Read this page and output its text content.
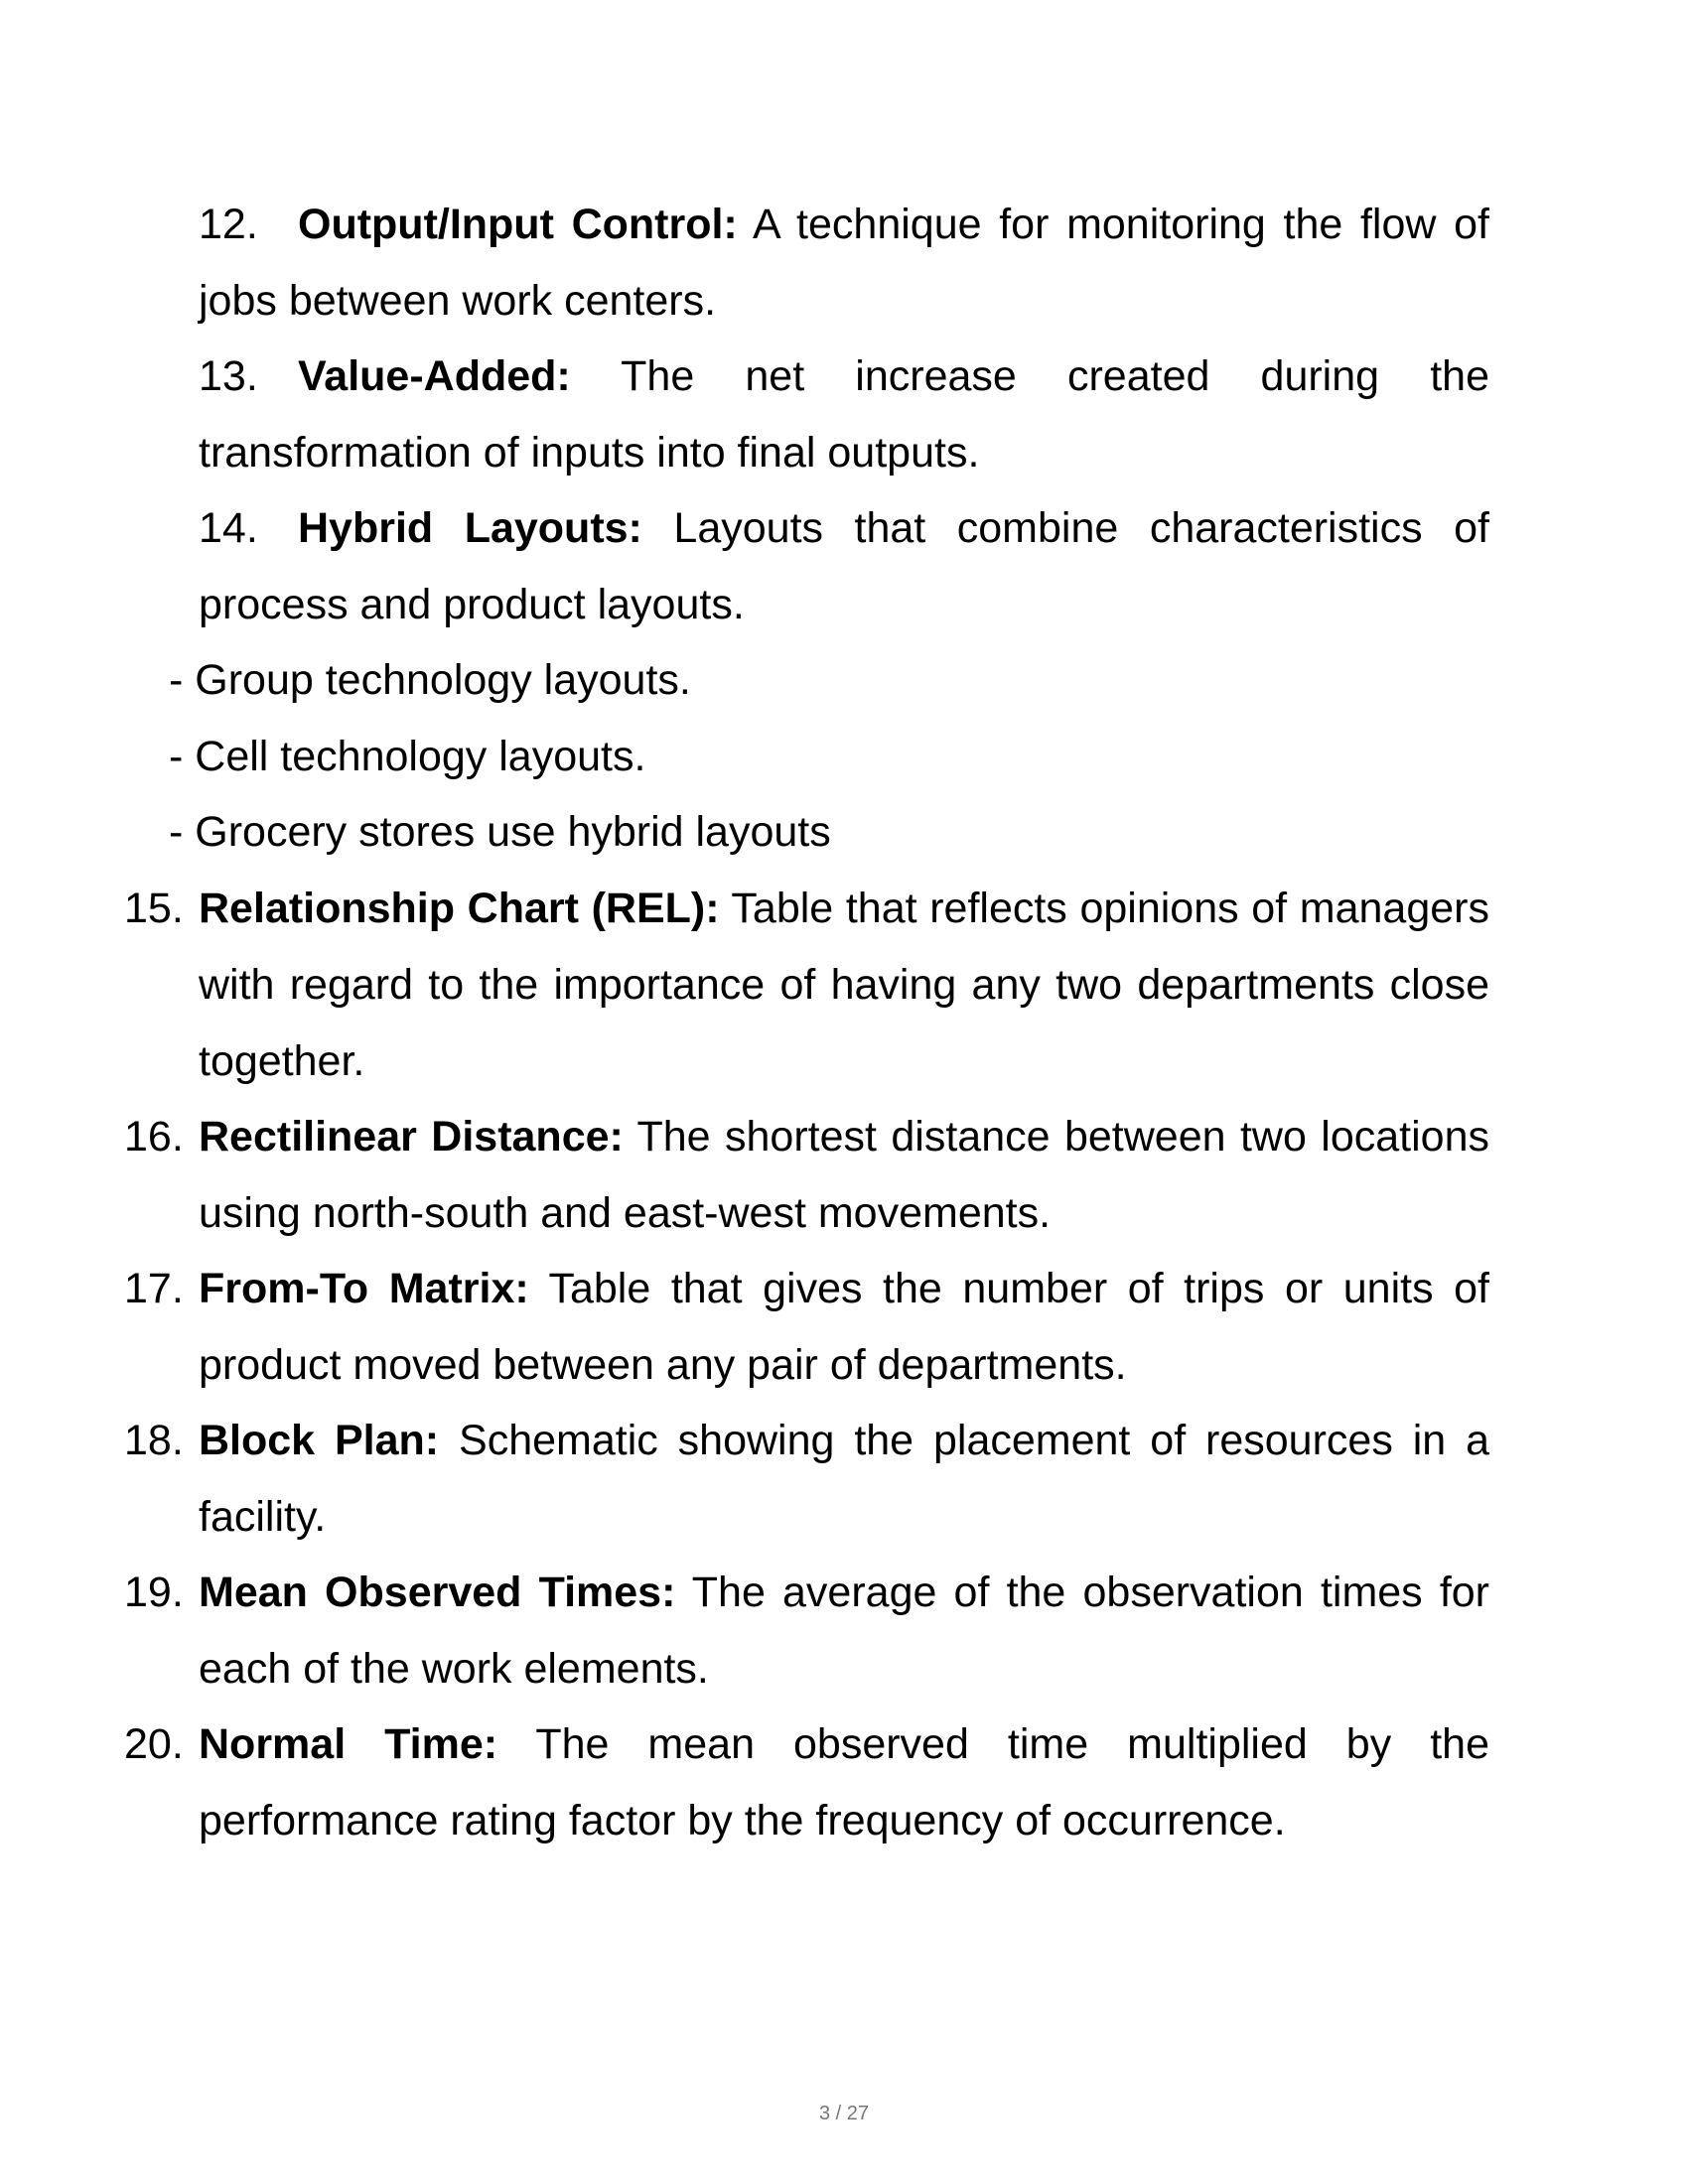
12. Output/Input Control: A technique for monitoring the flow of jobs between work centers.
13. Value-Added: The net increase created during the transformation of inputs into final outputs.
14. Hybrid Layouts: Layouts that combine characteristics of process and product layouts.
- Group technology layouts.
- Cell technology layouts.
- Grocery stores use hybrid layouts
15. Relationship Chart (REL): Table that reflects opinions of managers with regard to the importance of having any two departments close together.
16. Rectilinear Distance: The shortest distance between two locations using north-south and east-west movements.
17. From-To Matrix: Table that gives the number of trips or units of product moved between any pair of departments.
18. Block Plan: Schematic showing the placement of resources in a facility.
19. Mean Observed Times: The average of the observation times for each of the work elements.
20. Normal Time: The mean observed time multiplied by the performance rating factor by the frequency of occurrence.
3 / 27
